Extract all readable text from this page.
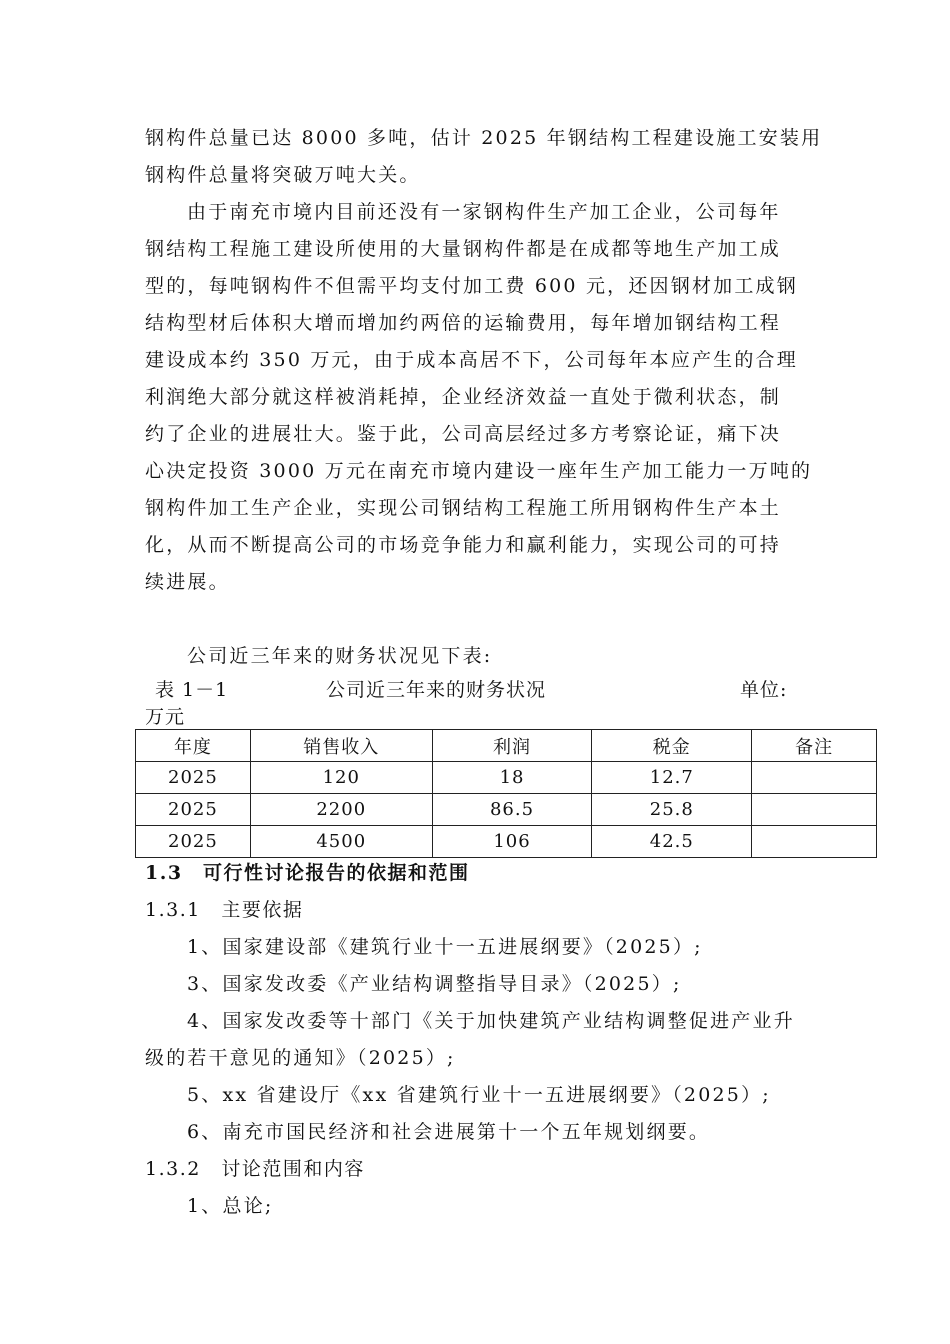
钢构件总量已达 8000 多吨，估计 2025 年钢结构工程建设施工安装用
钢构件总量将突破万吨大关。
由于南充市境内目前还没有一家钢构件生产加工企业，公司每年
钢结构工程施工建设所使用的大量钢构件都是在成都等地生产加工成
型的，每吨钢构件不但需平均支付加工费 600 元，还因钢材加工成钢
结构型材后体积大增而增加约两倍的运输费用，每年增加钢结构工程
建设成本约 350 万元，由于成本高居不下，公司每年本应产生的合理
利润绝大部分就这样被消耗掉，企业经济效益一直处于微利状态，制
约了企业的进展壮大。鉴于此，公司高层经过多方考察论证，痛下决
心决定投资 3000 万元在南充市境内建设一座年生产加工能力一万吨的
钢构件加工生产企业，实现公司钢结构工程施工所用钢构件生产本土
化，从而不断提高公司的市场竞争能力和赢利能力，实现公司的可持
续进展。
公司近三年来的财务状况见下表:
表 1－1	公司近三年来的财务状况	单位:
万元
年度	销售收入	利润	税金	备注
2025	120	18	12.7	
2025	2200	86.5	25.8	
2025	4500	106	42.5	
1.3　可行性讨论报告的依据和范围
1.3.1　主要依据
1、国家建设部《建筑行业十一五进展纲要》（2025）;
3、国家发改委《产业结构调整指导目录》（2025）;
4、国家发改委等十部门《关于加快建筑产业结构调整促进产业升
级的若干意见的通知》（2025）;
5、xx 省建设厅《xx 省建筑行业十一五进展纲要》（2025）;
6、南充市国民经济和社会进展第十一个五年规划纲要。
1.3.2　讨论范围和内容
1、总论;
